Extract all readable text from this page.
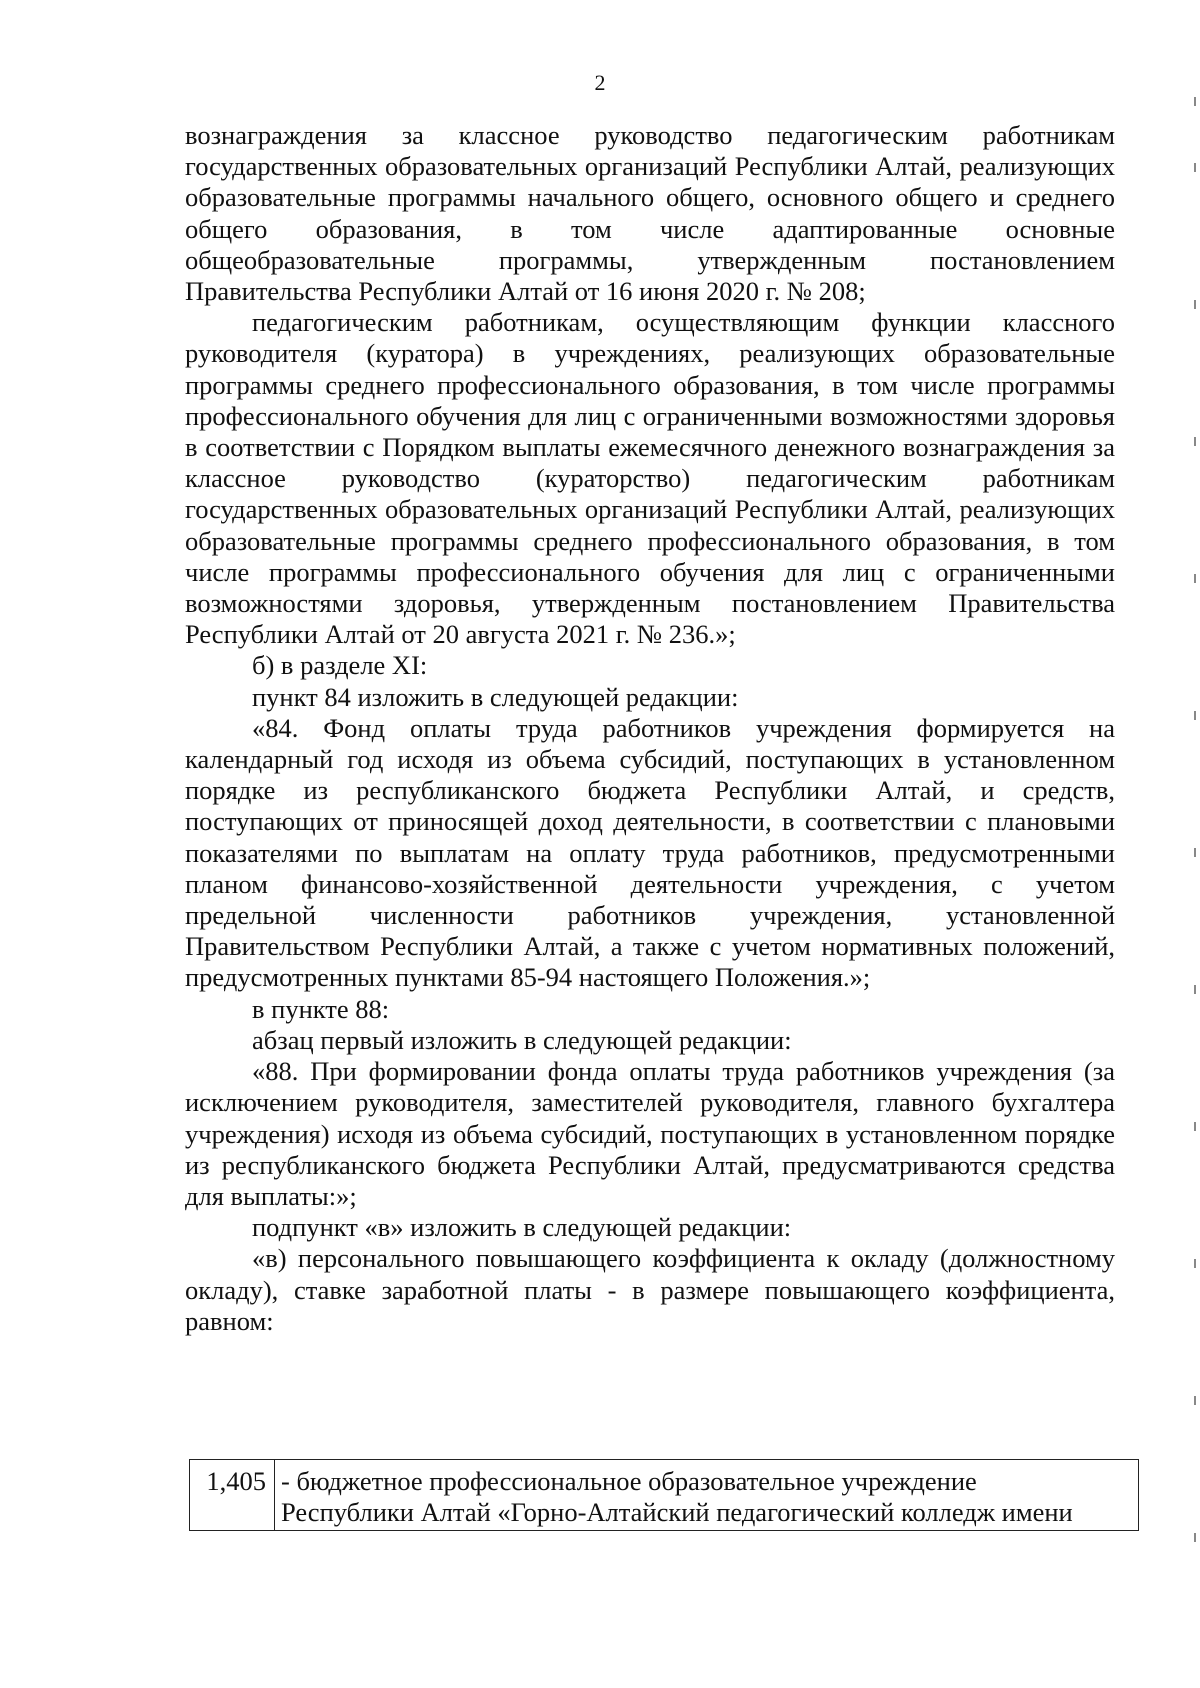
2

вознаграждения за классное руководство педагогическим работникам государственных образовательных организаций Республики Алтай, реализующих образовательные программы начального общего, основного общего и среднего общего образования, в том числе адаптированные основные общеобразовательные программы, утвержденным постановлением Правительства Республики Алтай от 16 июня 2020 г. № 208;

педагогическим работникам, осуществляющим функции классного руководителя (куратора) в учреждениях, реализующих образовательные программы среднего профессионального образования, в том числе программы профессионального обучения для лиц с ограниченными возможностями здоровья в соответствии с Порядком выплаты ежемесячного денежного вознаграждения за классное руководство (кураторство) педагогическим работникам государственных образовательных организаций Республики Алтай, реализующих образовательные программы среднего профессионального образования, в том числе программы профессионального обучения для лиц с ограниченными возможностями здоровья, утвержденным постановлением Правительства Республики Алтай от 20 августа 2021 г. № 236.»;

б) в разделе XI:

пункт 84 изложить в следующей редакции:

«84. Фонд оплаты труда работников учреждения формируется на календарный год исходя из объема субсидий, поступающих в установленном порядке из республиканского бюджета Республики Алтай, и средств, поступающих от приносящей доход деятельности, в соответствии с плановыми показателями по выплатам на оплату труда работников, предусмотренными планом финансово-хозяйственной деятельности учреждения, с учетом предельной численности работников учреждения, установленной Правительством Республики Алтай, а также с учетом нормативных положений, предусмотренных пунктами 85-94 настоящего Положения.»;

в пункте 88:

абзац первый изложить в следующей редакции:

«88. При формировании фонда оплаты труда работников учреждения (за исключением руководителя, заместителей руководителя, главного бухгалтера учреждения) исходя из объема субсидий, поступающих в установленном порядке из республиканского бюджета Республики Алтай, предусматриваются средства для выплаты:»;

подпункт «в» изложить в следующей редакции:

«в) персонального повышающего коэффициента к окладу (должностному окладу), ставке заработной платы - в размере повышающего коэффициента, равном:

1,405	- бюджетное профессиональное образовательное учреждение
Республики Алтай «Горно-Алтайский педагогический колледж имени
